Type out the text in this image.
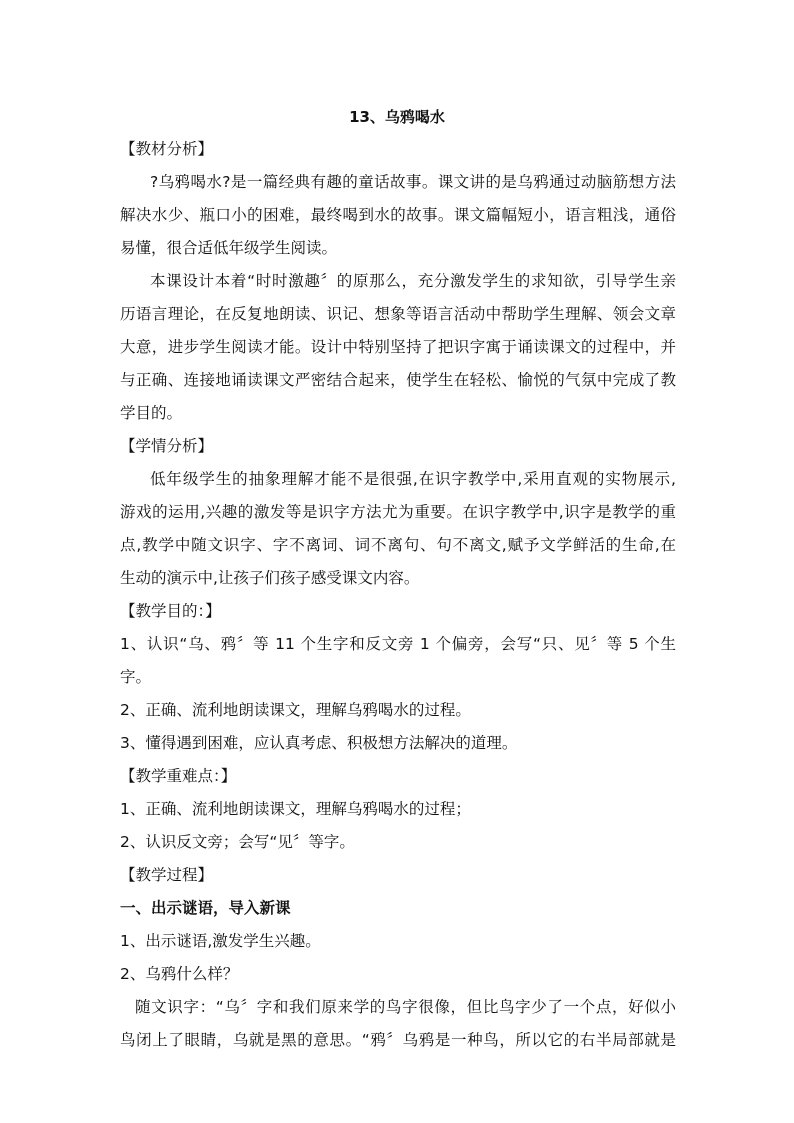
13、乌鸦喝水
【教材分析】
?乌鸦喝水?是一篇经典有趣的童话故事。课文讲的是乌鸦通过动脑筋想方法
解决水少、瓶口小的困难，最终喝到水的故事。课文篇幅短小，语言粗浅，通俗
易懂，很合适低年级学生阅读。
本课设计本着“时时激趣〞的原那么，充分激发学生的求知欲，引导学生亲
历语言理论，在反复地朗读、识记、想象等语言活动中帮助学生理解、领会文章
大意，进步学生阅读才能。设计中特别坚持了把识字寓于诵读课文的过程中，并
与正确、连接地诵读课文严密结合起来，使学生在轻松、愉悦的气氛中完成了教
学目的。
【学情分析】
低年级学生的抽象理解才能不是很强,在识字教学中,采用直观的实物展示,
游戏的运用,兴趣的激发等是识字方法尤为重要。在识字教学中,识字是教学的重
点,教学中随文识字、字不离词、词不离句、句不离文,赋予文学鲜活的生命,在
生动的演示中,让孩子们孩子感受课文内容。
【教学目的：】
1、认识“乌、鸦〞等 11 个生字和反文旁 1 个偏旁，会写“只、见〞等 5 个生
字。
2、正确、流利地朗读课文，理解乌鸦喝水的过程。
3、懂得遇到困难，应认真考虑、积极想方法解决的道理。
【教学重难点：】
1、正确、流利地朗读课文，理解乌鸦喝水的过程；
2、认识反文旁；会写“见〞等字。
【教学过程】
一、出示谜语，导入新课
1、出示谜语,激发学生兴趣。
2、乌鸦什么样？
随文识字：“乌〞字和我们原来学的鸟字很像，但比鸟字少了一个点，好似小
鸟闭上了眼睛，乌就是黑的意思。“鸦〞乌鸦是一种鸟，所以它的右半局部就是
